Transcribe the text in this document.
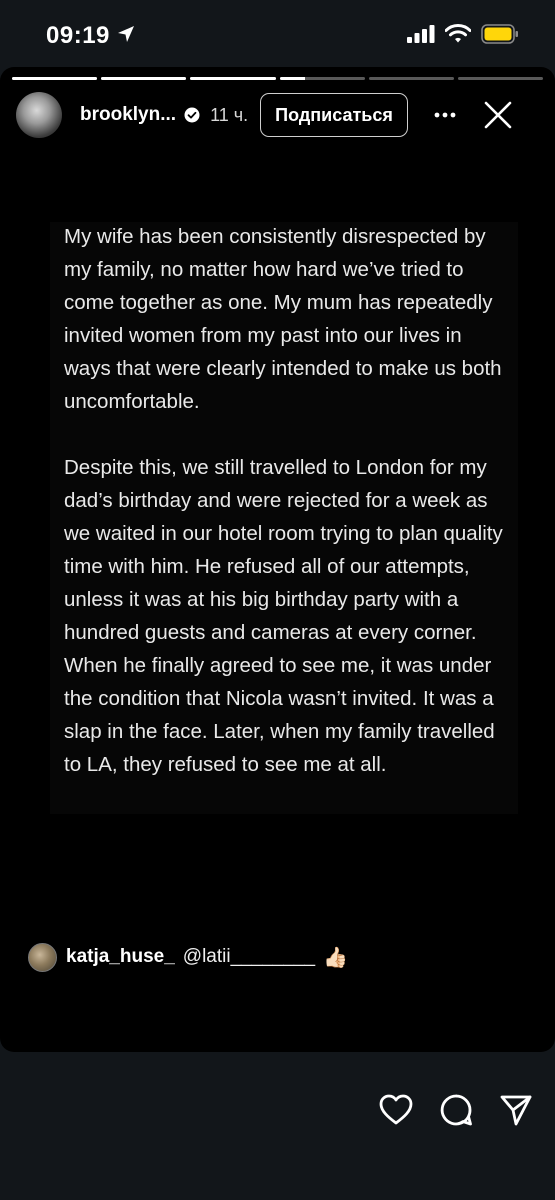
09:19
brooklyn... 11 ч.	Подписаться

My wife has been consistently disrespected by my family, no matter how hard we’ve tried to come together as one. My mum has repeatedly invited women from my past into our lives in ways that were clearly intended to make us both uncomfortable.

Despite this, we still travelled to London for my dad’s birthday and were rejected for a week as we waited in our hotel room trying to plan quality time with him. He refused all of our attempts, unless it was at his big birthday party with a hundred guests and cameras at every corner. When he finally agreed to see me, it was under the condition that Nicola wasn’t invited. It was a slap in the face. Later, when my family travelled to LA, they refused to see me at all.

katja_huse_ @latii________ 👍🏻
